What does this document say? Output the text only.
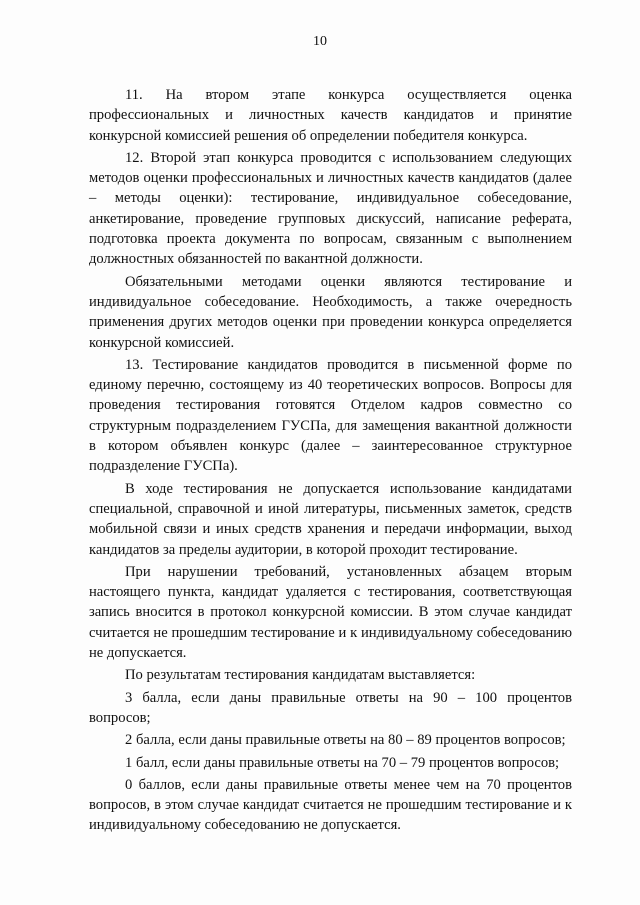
10

11. На втором этапе конкурса осуществляется оценка профессиональных и личностных качеств кандидатов и принятие конкурсной комиссией решения об определении победителя конкурса.

12. Второй этап конкурса проводится с использованием следующих методов оценки профессиональных и личностных качеств кандидатов (далее – методы оценки): тестирование, индивидуальное собеседование, анкетирование, проведение групповых дискуссий, написание реферата, подготовка проекта документа по вопросам, связанным с выполнением должностных обязанностей по вакантной должности.

Обязательными методами оценки являются тестирование и индивидуальное собеседование. Необходимость, а также очередность применения других методов оценки при проведении конкурса определяется конкурсной комиссией.

13. Тестирование кандидатов проводится в письменной форме по единому перечню, состоящему из 40 теоретических вопросов. Вопросы для проведения тестирования готовятся Отделом кадров совместно со структурным подразделением ГУСПа, для замещения вакантной должности в котором объявлен конкурс (далее – заинтересованное структурное подразделение ГУСПа).

В ходе тестирования не допускается использование кандидатами специальной, справочной и иной литературы, письменных заметок, средств мобильной связи и иных средств хранения и передачи информации, выход кандидатов за пределы аудитории, в которой проходит тестирование.

При нарушении требований, установленных абзацем вторым настоящего пункта, кандидат удаляется с тестирования, соответствующая запись вносится в протокол конкурсной комиссии. В этом случае кандидат считается не прошедшим тестирование и к индивидуальному собеседованию не допускается.

По результатам тестирования кандидатам выставляется:

3 балла, если даны правильные ответы на 90 – 100 процентов вопросов;

2 балла, если даны правильные ответы на 80 – 89 процентов вопросов;

1 балл, если даны правильные ответы на 70 – 79 процентов вопросов;

0 баллов, если даны правильные ответы менее чем на 70 процентов вопросов, в этом случае кандидат считается не прошедшим тестирование и к индивидуальному собеседованию не допускается.
